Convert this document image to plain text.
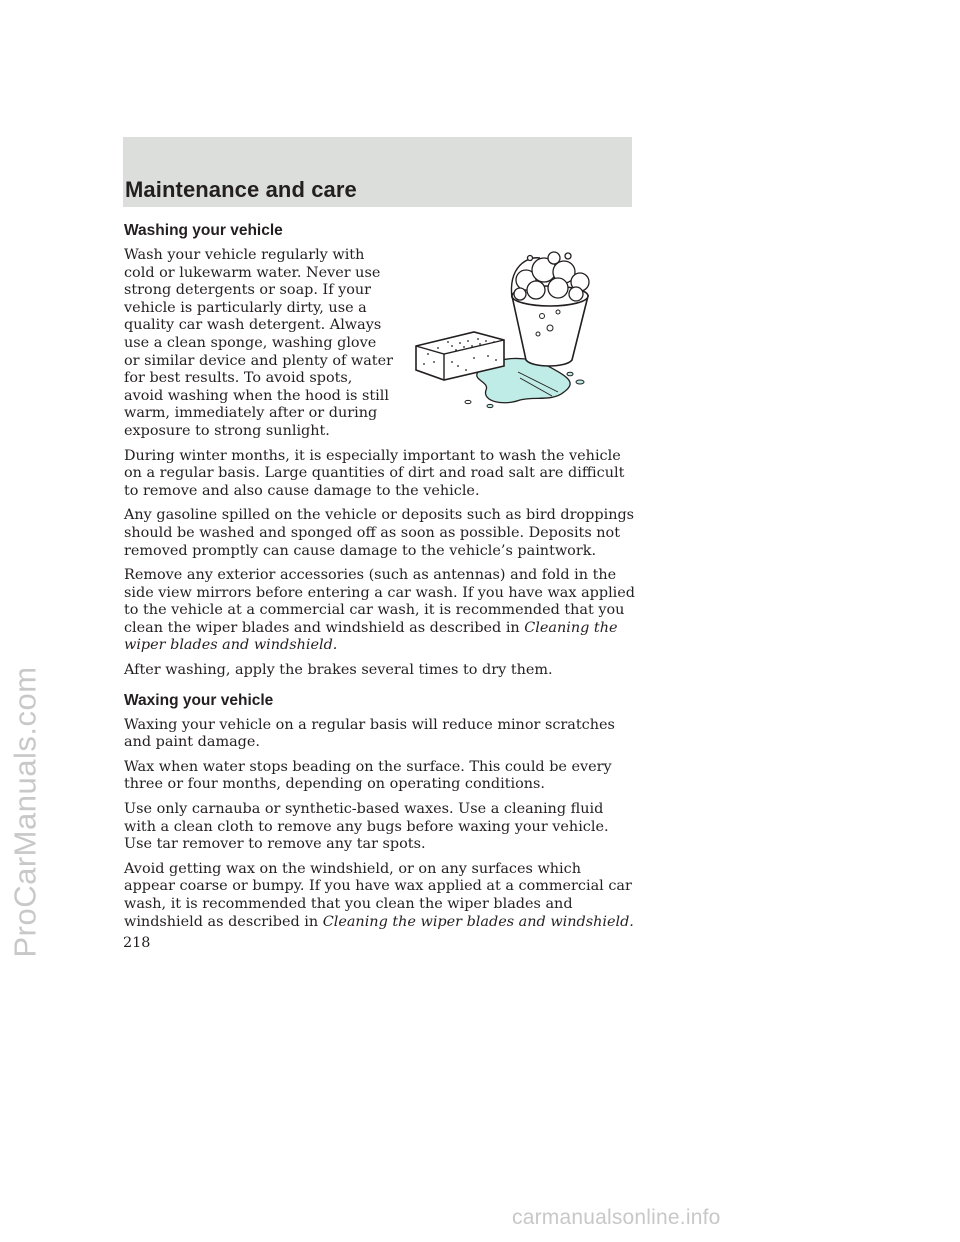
Maintenance and care
Washing your vehicle
Wash your vehicle regularly with
cold or lukewarm water. Never use
strong detergents or soap. If your
vehicle is particularly dirty, use a
quality car wash detergent. Always
use a clean sponge, washing glove
or similar device and plenty of water
for best results. To avoid spots,
avoid washing when the hood is still
warm, immediately after or during
exposure to strong sunlight.

During winter months, it is especially important to wash the vehicle on a regular basis. Large quantities of dirt and road salt are difficult to remove and also cause damage to the vehicle.

Any gasoline spilled on the vehicle or deposits such as bird droppings should be washed and sponged off as soon as possible. Deposits not removed promptly can cause damage to the vehicle’s paintwork.

Remove any exterior accessories (such as antennas) and fold in the side view mirrors before entering a car wash. If you have wax applied to the vehicle at a commercial car wash, it is recommended that you clean the wiper blades and windshield as described in Cleaning the wiper blades and windshield.

After washing, apply the brakes several times to dry them.

Waxing your vehicle

Waxing your vehicle on a regular basis will reduce minor scratches and paint damage.

Wax when water stops beading on the surface. This could be every three or four months, depending on operating conditions.

Use only carnauba or synthetic-based waxes. Use a cleaning fluid with a clean cloth to remove any bugs before waxing your vehicle. Use tar remover to remove any tar spots.

Avoid getting wax on the windshield, or on any surfaces which appear coarse or bumpy. If you have wax applied at a commercial car wash, it is recommended that you clean the wiper blades and windshield as described in Cleaning the wiper blades and windshield.

218

ProCarManuals.com

carmanualsonline.info
